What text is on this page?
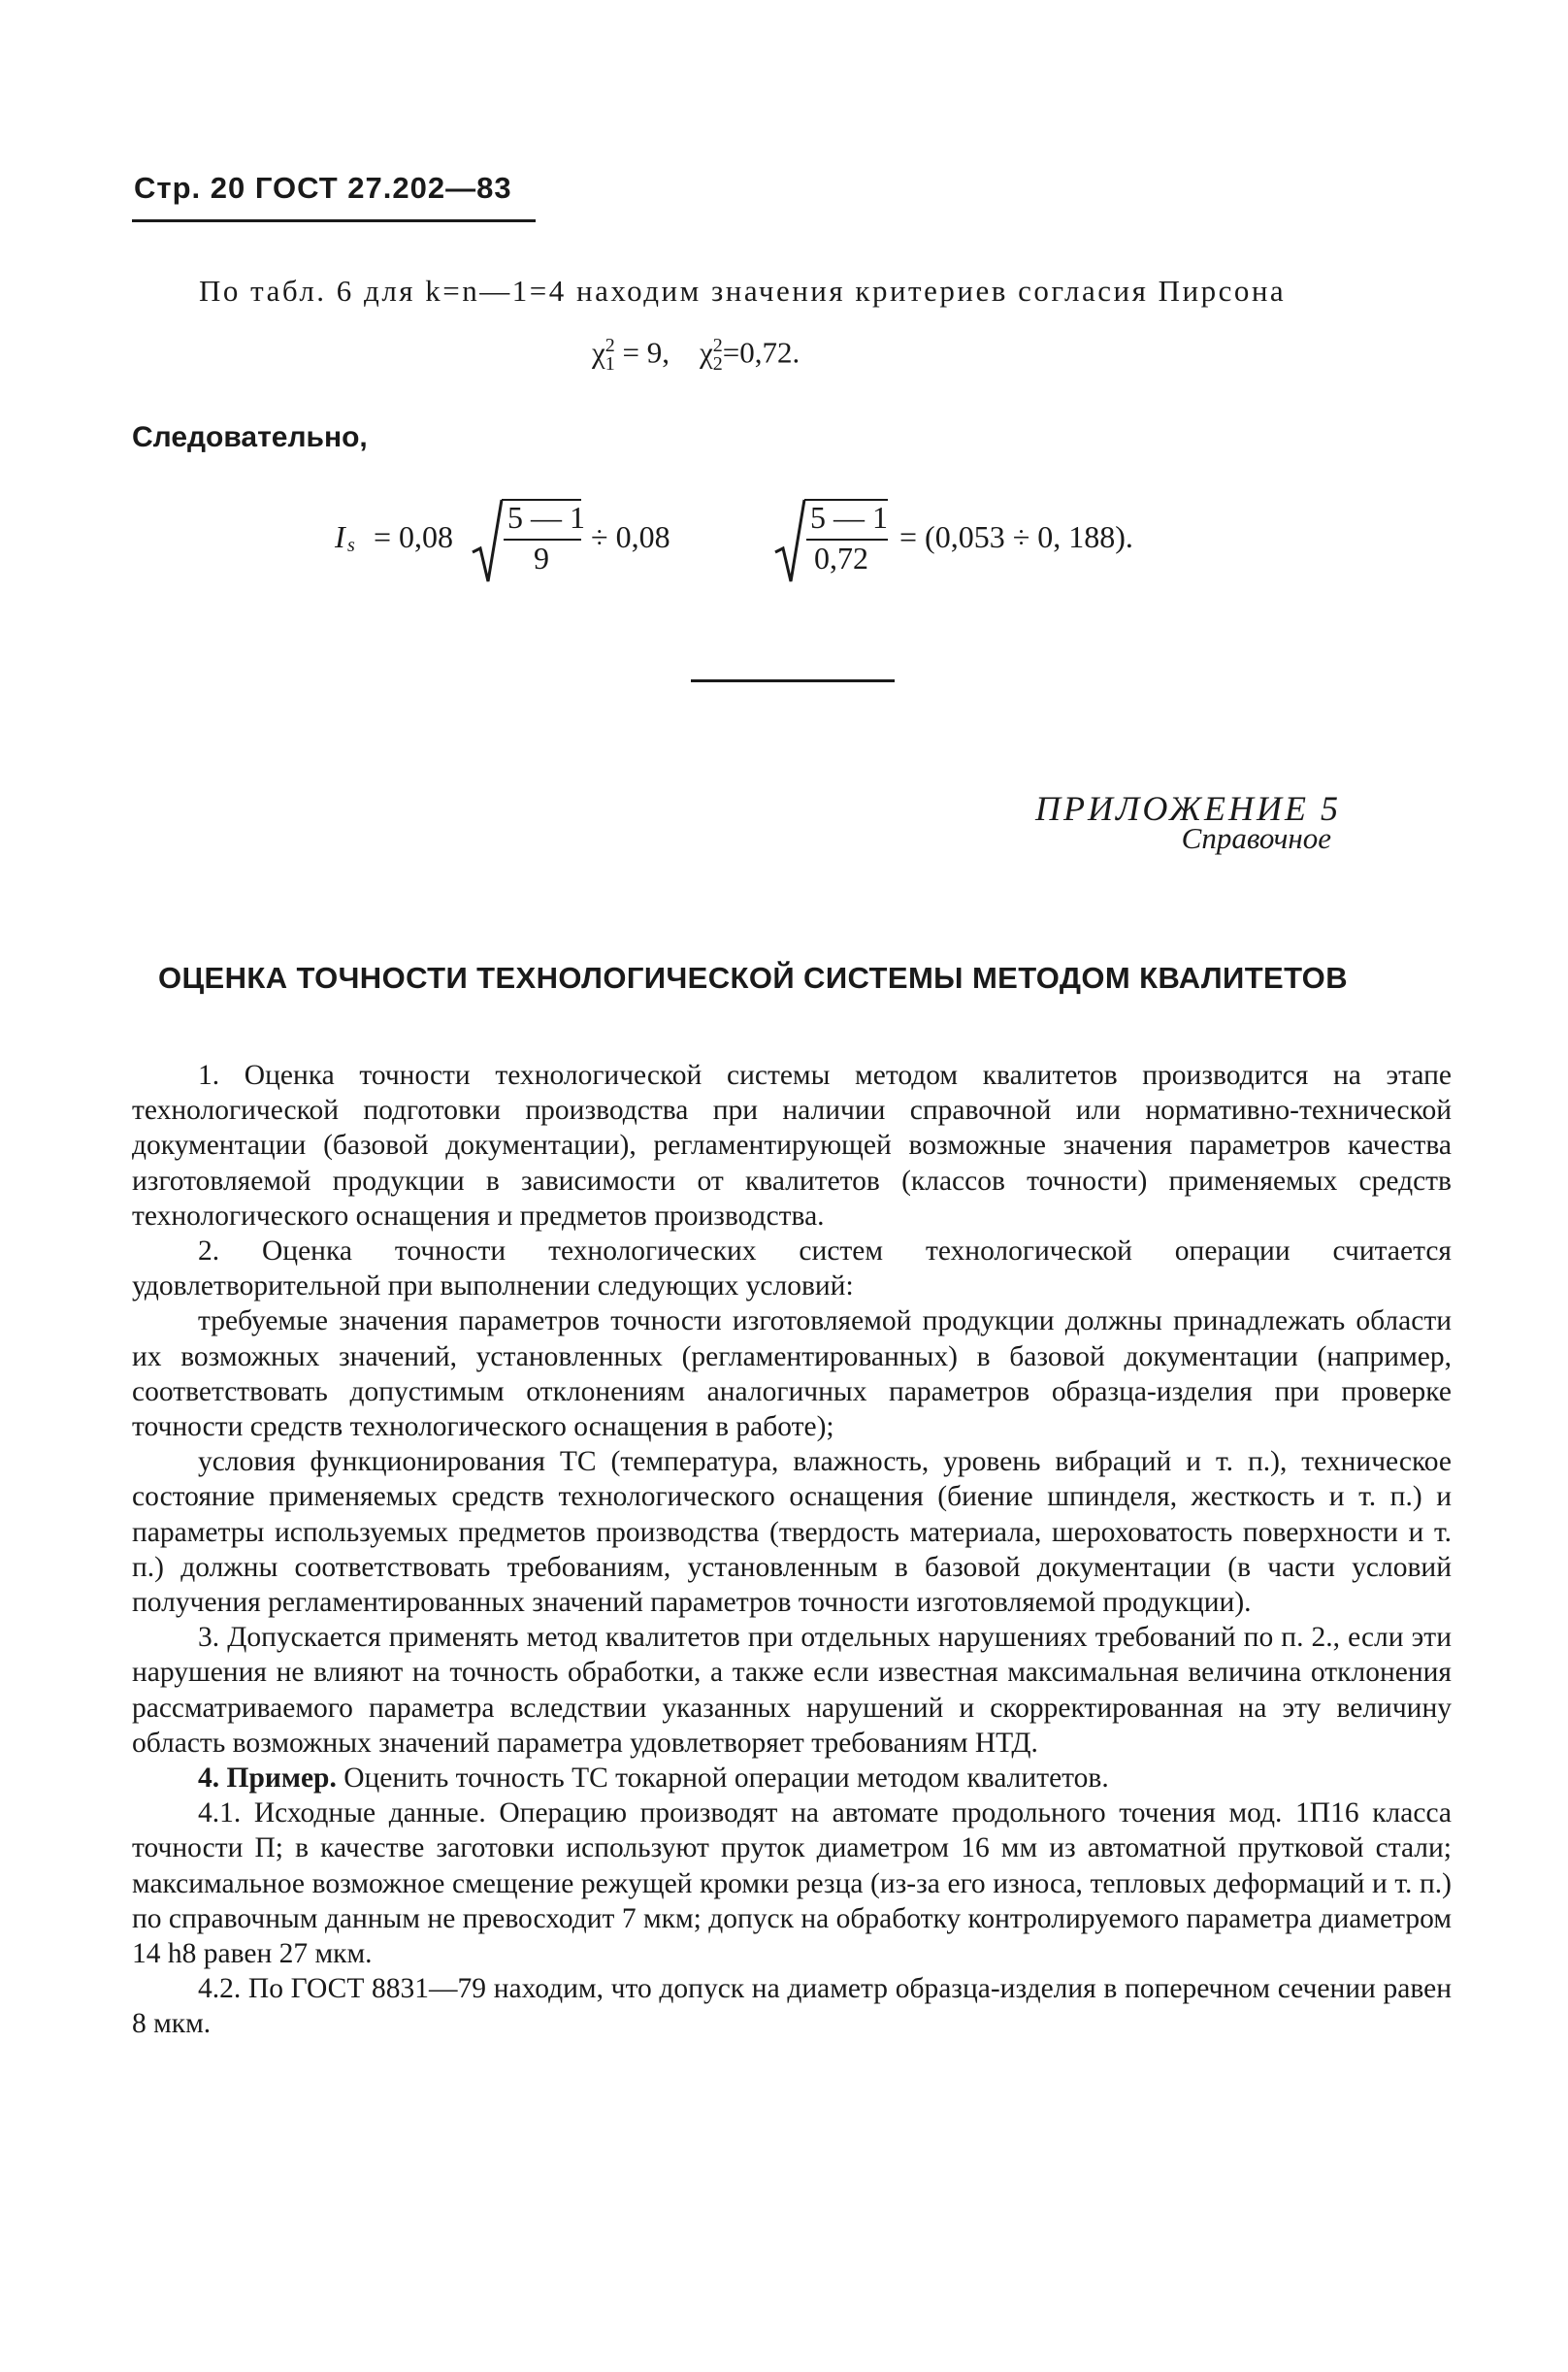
Стр. 20 ГОСТ 27.202—83
По табл. 6 для k=n—1=4 находим значения критериев согласия Пирсона
$\chi^2_1 = 9$, $\chi^2_2=0,72$.
Следовательно,
I s = 0,08
5 — 1
9
÷ 0,08
5 — 1
0,72
= (0,053 ÷ 0, 188).
ПРИЛОЖЕНИЕ 5
Справочное
ОЦЕНКА ТОЧНОСТИ ТЕХНОЛОГИЧЕСКОЙ СИСТЕМЫ МЕТОДОМ КВАЛИТЕТОВ

1. Оценка точности технологической системы методом квалитетов производится на этапе технологической подготовки производства при наличии справочной или нормативно-технической документации (базовой документации), регламентирующей возможные значения параметров качества изготовляемой продукции в зависимости от квалитетов (классов точности) применяемых средств технологического оснащения и предметов производства.

2. Оценка точности технологических систем технологической операции считается удовлетворительной при выполнении следующих условий:

требуемые значения параметров точности изготовляемой продукции должны принадлежать области их возможных значений, установленных (регламентированных) в базовой документации (например, соответствовать допустимым отклонениям аналогичных параметров образца-изделия при проверке точности средств технологического оснащения в работе);

условия функционирования ТС (температура, влажность, уровень вибраций и т. п.), техническое состояние применяемых средств технологического оснащения (биение шпинделя, жесткость и т. п.) и параметры используемых предметов производства (твердость материала, шероховатость поверхности и т. п.) должны соответствовать требованиям, установленным в базовой документации (в части условий получения регламентированных значений параметров точности изготовляемой продукции).

3. Допускается применять метод квалитетов при отдельных нарушениях требований по п. 2., если эти нарушения не влияют на точность обработки, а также если известная максимальная величина отклонения рассматриваемого параметра вследствии указанных нарушений и скорректированная на эту величину область возможных значений параметра удовлетворяет требованиям НТД.

4. Пример. Оценить точность ТС токарной операции методом квалитетов.

4.1. Исходные данные. Операцию производят на автомате продольного точения мод. 1П16 класса точности П; в качестве заготовки используют пруток диаметром 16 мм из автоматной прутковой стали; максимальное возможное смещение режущей кромки резца (из-за его износа, тепловых деформаций и т. п.) по справочным данным не превосходит 7 мкм; допуск на обработку контролируемого параметра диаметром 14 h8 равен 27 мкм.

4.2. По ГОСТ 8831—79 находим, что допуск на диаметр образца-изделия в поперечном сечении равен 8 мкм.
